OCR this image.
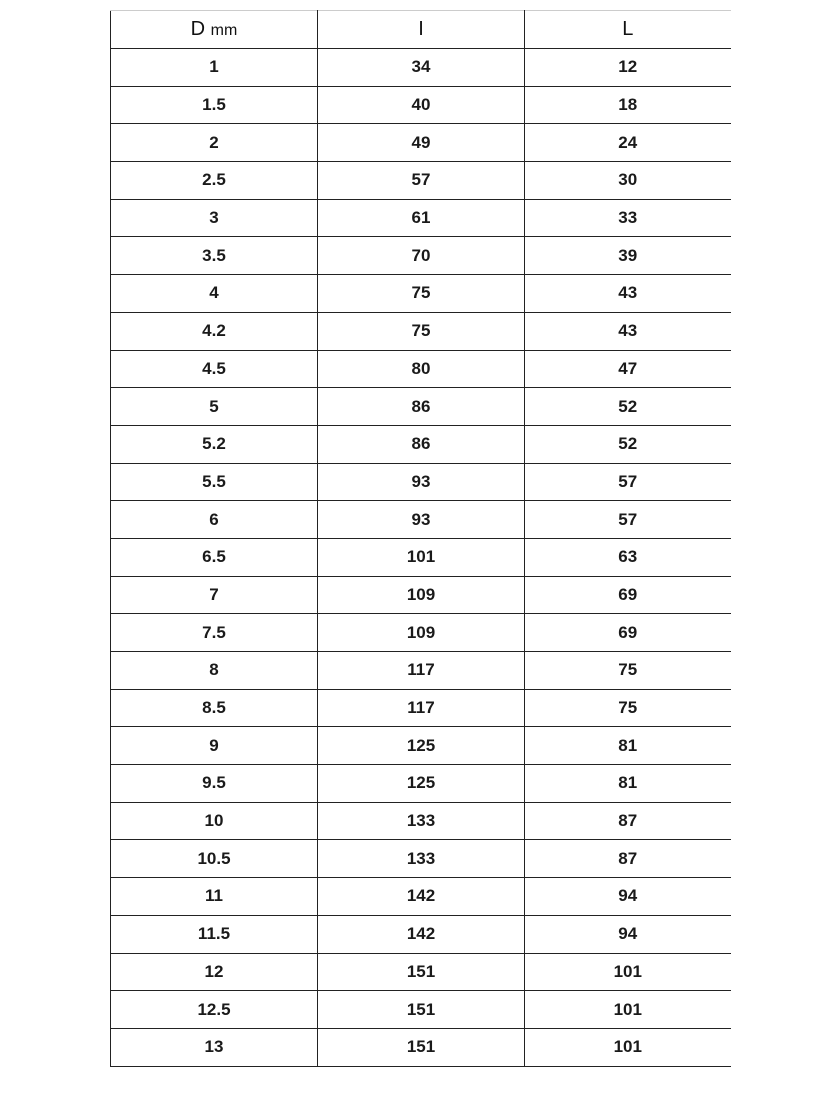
D mm	I	L
1	34	12
1.5	40	18
2	49	24
2.5	57	30
3	61	33
3.5	70	39
4	75	43
4.2	75	43
4.5	80	47
5	86	52
5.2	86	52
5.5	93	57
6	93	57
6.5	101	63
7	109	69
7.5	109	69
8	117	75
8.5	117	75
9	125	81
9.5	125	81
10	133	87
10.5	133	87
11	142	94
11.5	142	94
12	151	101
12.5	151	101
13	151	101
